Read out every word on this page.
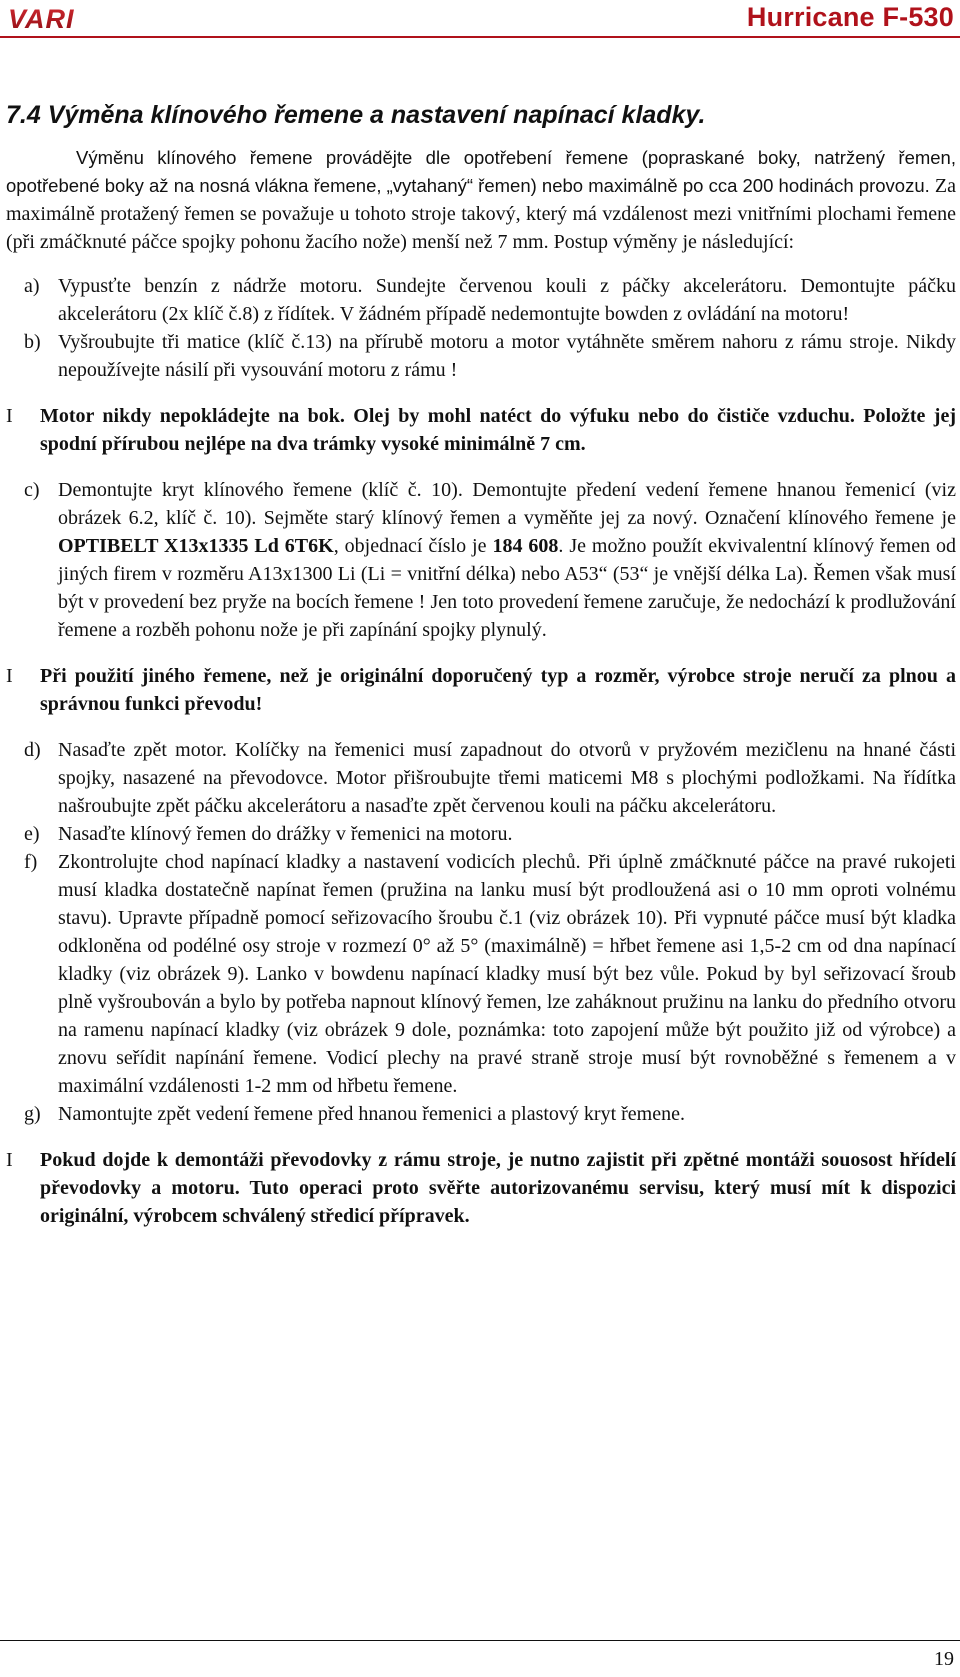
VARI	Hurricane F-530
7.4 Výměna klínového řemene a nastavení napínací kladky.

Výměnu klínového řemene provádějte dle opotřebení řemene (popraskané boky, natržený řemen, opotřebené boky až na nosná vlákna řemene, „vytahaný“ řemen) nebo maximálně po cca 200 hodinách provozu. Za maximálně protažený řemen se považuje u tohoto stroje takový, který má vzdálenost mezi vnitřními plochami řemene (při zmáčknuté páčce spojky pohonu žacího nože) menší než 7 mm. Postup výměny je následující:

a) Vypusťte benzín z nádrže motoru. Sundejte červenou kouli z páčky akcelerátoru. Demontujte páčku akcelerátoru (2x klíč č.8) z řídítek. V žádném případě nedemontujte bowden z ovládání na motoru!
b) Vyšroubujte tři matice (klíč č.13) na přírubě motoru a motor vytáhněte směrem nahoru z rámu stroje. Nikdy nepoužívejte násilí při vysouvání motoru z rámu !
I	Motor nikdy nepokládejte na bok. Olej by mohl natéct do výfuku nebo do čističe vzduchu. Položte jej spodní přírubou nejlépe na dva trámky vysoké minimálně 7 cm.
c) Demontujte kryt klínového řemene (klíč č. 10). Demontujte předení vedení řemene hnanou řemenicí (viz obrázek 6.2, klíč č. 10). Sejměte starý klínový řemen a vyměňte jej za nový. Označení klínového řemene je OPTIBELT X13x1335 Ld 6T6K, objednací číslo je 184 608. Je možno použít ekvivalentní klínový řemen od jiných firem v rozměru A13x1300 Li (Li = vnitřní délka) nebo A53“ (53“ je vnější délka La). Řemen však musí být v provedení bez pryže na bocích řemene ! Jen toto provedení řemene zaručuje, že nedochází k prodlužování řemene a rozběh pohonu nože je při zapínání spojky plynulý.
I	Při použití jiného řemene, než je originální doporučený typ a rozměr, výrobce stroje neručí za plnou a správnou funkci převodu!
d) Nasaďte zpět motor. Kolíčky na řemenici musí zapadnout do otvorů v pryžovém mezičlenu na hnané části spojky, nasazené na převodovce. Motor přišroubujte třemi maticemi M8 s plochými podložkami. Na řídítka našroubujte zpět páčku akcelerátoru a nasaďte zpět červenou kouli na páčku akcelerátoru.
e) Nasaďte klínový řemen do drážky v řemenici na motoru.
f) Zkontrolujte chod napínací kladky a nastavení vodicích plechů. Při úplně zmáčknuté páčce na pravé rukojeti musí kladka dostatečně napínat řemen (pružina na lanku musí být prodloužená asi o 10 mm oproti volnému stavu). Upravte případně pomocí seřizovacího šroubu č.1 (viz obrázek 10). Při vypnuté páčce musí být kladka odkloněna od podélné osy stroje v rozmezí 0° až 5° (maximálně) = hřbet řemene asi 1,5-2 cm od dna napínací kladky (viz obrázek 9). Lanko v bowdenu napínací kladky musí být bez vůle. Pokud by byl seřizovací šroub plně vyšroubován a bylo by potřeba napnout klínový řemen, lze zaháknout pružinu na lanku do předního otvoru na ramenu napínací kladky (viz obrázek 9 dole, poznámka: toto zapojení může být použito již od výrobce) a znovu seřídit napínání řemene. Vodicí plechy na pravé straně stroje musí být rovnoběžné s řemenem a v maximální vzdálenosti 1-2 mm od hřbetu řemene.
g) Namontujte zpět vedení řemene před hnanou řemenici a plastový kryt řemene.
I	Pokud dojde k demontáži převodovky z rámu stroje, je nutno zajistit při zpětné montáži souosost hřídelí převodovky a motoru. Tuto operaci proto svěřte autorizovanému servisu, který musí mít k dispozici originální, výrobcem schválený středicí přípravek.
19
